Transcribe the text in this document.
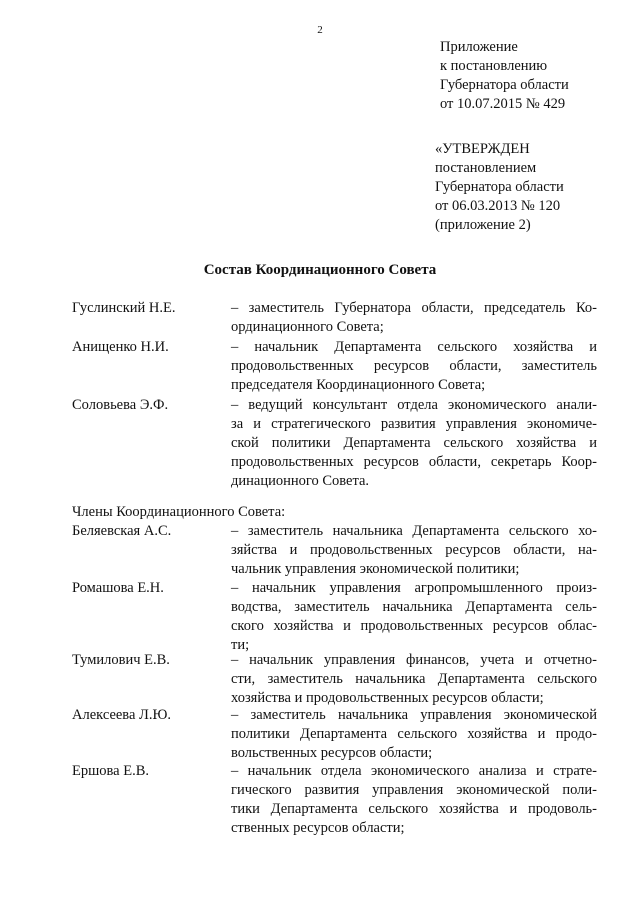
2
Приложение
к постановлению
Губернатора области
от 10.07.2015 № 429
«УТВЕРЖДЕН
постановлением
Губернатора области
от 06.03.2013 № 120
(приложение 2)
Состав Координационного Совета
Гуслинский Н.Е.	– заместитель Губернатора области, председатель Ко-
ординационного Совета;
Анищенко Н.И.	– начальник Департамента сельского хозяйства и
продовольственных ресурсов области, заместитель
председателя Координационного Совета;
Соловьева Э.Ф.	– ведущий консультант отдела экономического анали-
за и стратегического развития управления экономиче-
ской политики Департамента сельского хозяйства и
продовольственных ресурсов области, секретарь Коор-
динационного Совета.
Члены Координационного Совета:
Беляевская А.С.	– заместитель начальника Департамента сельского хо-
зяйства и продовольственных ресурсов области, на-
чальник управления экономической политики;
Ромашова Е.Н.	– начальник управления агропромышленного произ-
водства, заместитель начальника Департамента сель-
ского хозяйства и продовольственных ресурсов облас-
ти;
Тумилович Е.В.	– начальник управления финансов, учета и отчетно-
сти, заместитель начальника Департамента сельского
хозяйства и продовольственных ресурсов области;
Алексеева Л.Ю.	– заместитель начальника управления экономической
политики Департамента сельского хозяйства и продо-
вольственных ресурсов области;
Ершова Е.В.	– начальник отдела экономического анализа и страте-
гического развития управления экономической поли-
тики Департамента сельского хозяйства и продоволь-
ственных ресурсов области;
